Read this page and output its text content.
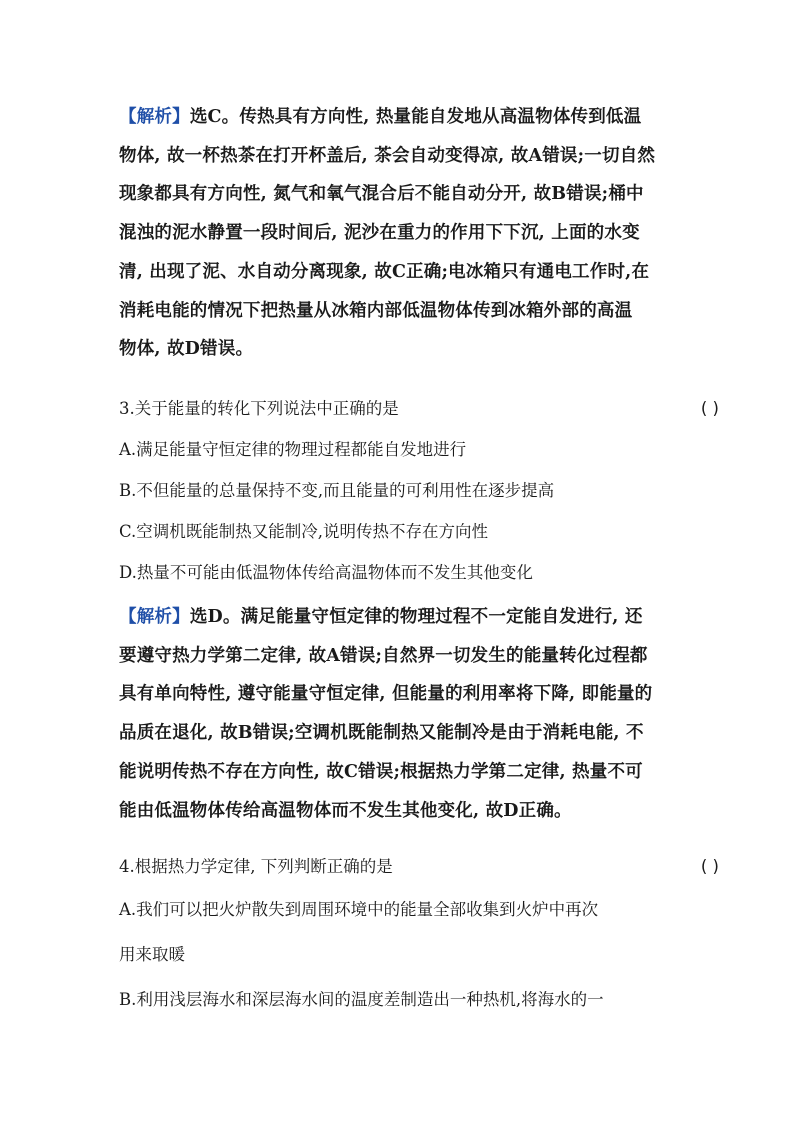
【解析】选C。传热具有方向性, 热量能自发地从高温物体传到低温

物体, 故一杯热茶在打开杯盖后, 茶会自动变得凉, 故A错误;一切自然

现象都具有方向性, 氮气和氧气混合后不能自动分开, 故B错误;桶中

混浊的泥水静置一段时间后, 泥沙在重力的作用下下沉, 上面的水变

清, 出现了泥、水自动分离现象, 故C正确;电冰箱只有通电工作时,在

消耗电能的情况下把热量从冰箱内部低温物体传到冰箱外部的高温

物体, 故D错误。

3.关于能量的转化下列说法中正确的是	( )

A.满足能量守恒定律的物理过程都能自发地进行

B.不但能量的总量保持不变,而且能量的可利用性在逐步提高

C.空调机既能制热又能制冷,说明传热不存在方向性

D.热量不可能由低温物体传给高温物体而不发生其他变化

【解析】选D。满足能量守恒定律的物理过程不一定能自发进行, 还

要遵守热力学第二定律, 故A错误;自然界一切发生的能量转化过程都

具有单向特性, 遵守能量守恒定律, 但能量的利用率将下降, 即能量的

品质在退化, 故B错误;空调机既能制热又能制冷是由于消耗电能, 不

能说明传热不存在方向性, 故C错误;根据热力学第二定律, 热量不可

能由低温物体传给高温物体而不发生其他变化, 故D正确。

4.根据热力学定律, 下列判断正确的是	( )

A.我们可以把火炉散失到周围环境中的能量全部收集到火炉中再次

用来取暖

B.利用浅层海水和深层海水间的温度差制造出一种热机,将海水的一
